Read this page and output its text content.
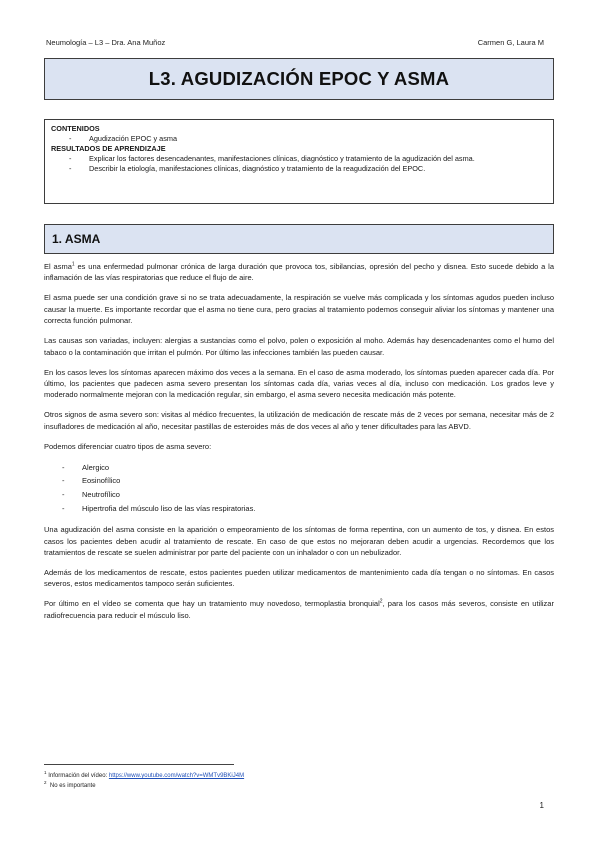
Neumología – L3 – Dra. Ana Muñoz	Carmen G, Laura M
L3. AGUDIZACIÓN EPOC Y ASMA
CONTENIDOS
- Agudización EPOC y asma
RESULTADOS DE APRENDIZAJE
- Explicar los factores desencadenantes, manifestaciones clínicas, diagnóstico y tratamiento de la agudización del asma.
- Describir la etiología, manifestaciones clínicas, diagnóstico y tratamiento de la reagudización del EPOC.
1. ASMA

El asma$^1$ es una enfermedad pulmonar crónica de larga duración que provoca tos, sibilancias, opresión del pecho y disnea. Esto sucede debido a la inflamación de las vías respiratorias que reduce el flujo de aire.

El asma puede ser una condición grave si no se trata adecuadamente, la respiración se vuelve más complicada y los síntomas agudos pueden incluso causar la muerte. Es importante recordar que el asma no tiene cura, pero gracias al tratamiento podemos conseguir aliviar los síntomas y mantener una correcta función pulmonar.

Las causas son variadas, incluyen: alergias a sustancias como el polvo, polen o exposición al moho. Además hay desencadenantes como el humo del tabaco o la contaminación que irritan el pulmón. Por último las infecciones también las pueden causar.

En los casos leves los síntomas aparecen máximo dos veces a la semana. En el caso de asma moderado, los síntomas pueden aparecer cada día. Por último, los pacientes que padecen asma severo presentan los síntomas cada día, varias veces al día, incluso con medicación. Los grados leve y moderado normalmente mejoran con la medicación regular, sin embargo, el asma severo necesita medicación más potente.

Otros signos de asma severo son: visitas al médico frecuentes, la utilización de medicación de rescate más de 2 veces por semana, necesitar más de 2 insufladores de medicación al año, necesitar pastillas de esteroides más de dos veces al año y tener dificultades para las ABVD.

Podemos diferenciar cuatro tipos de asma severo:

- Alergico
- Eosinofílico
- Neutrofílico
- Hipertrofia del músculo liso de las vías respiratorias.

Una agudización del asma consiste en la aparición o empeoramiento de los síntomas de forma repentina, con un aumento de tos, y disnea. En estos casos los pacientes deben acudir al tratamiento de rescate. En caso de que estos no mejoraran deben acudir a urgencias. Recordemos que los tratamientos de rescate se suelen administrar por parte del paciente con un inhalador o con un nebulizador.

Además de los medicamentos de rescate, estos pacientes pueden utilizar medicamentos de mantenimiento cada día tengan o no síntomas. En casos severos, estos medicamentos tampoco serán suficientes.

Por último en el vídeo se comenta que hay un tratamiento muy novedoso, termoplastia bronquial$^2$, para los casos más severos, consiste en utilizar radiofrecuencia para reducir el músculo liso.

$^1$ Información del vídeo: https://www.youtube.com/watch?v=WMTv9BKiJ4M
$^2$  No es importante
1
